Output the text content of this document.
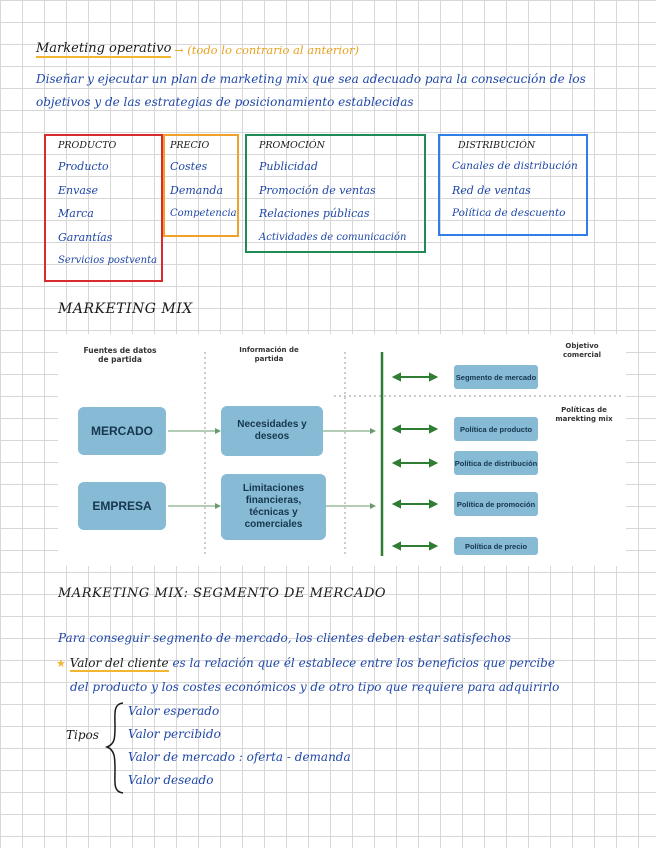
Marketing operativo → (todo lo contrario al anterior)
Diseñar y ejecutar un plan de marketing mix que sea adecuado para la consecución de los
objetivos y de las estrategias de posicionamiento establecidas
PRODUCTO
Producto
Envase
Marca
Garantías
Servicios postventa
PRECIO
Costes
Demanda
Competencia
PROMOCIÓN
Publicidad
Promoción de ventas
Relaciones públicas
Actividades de comunicación
DISTRIBUCIÓN
Canales de distribución
Red de ventas
Política de descuento
MARKETING MIX
Fuentes de datos de partida
Información de partida
Objetivo comercial
Políticas de marekting mix
MERCADO
EMPRESA
Necesidades y deseos
Limitaciones financieras, técnicas y comerciales
Segmento de mercado
Política de producto
Política de distribución
Política de promoción
Política de precio
MARKETING MIX: SEGMENTO DE MERCADO
Para conseguir segmento de mercado, los clientes deben estar satisfechos
★ Valor del cliente es la relación que él establece entre los beneficios que percibe
del producto y los costes económicos y de otro tipo que requiere para adquirirlo
Tipos
Valor esperado
Valor percibido
Valor de mercado : oferta - demanda
Valor deseado
